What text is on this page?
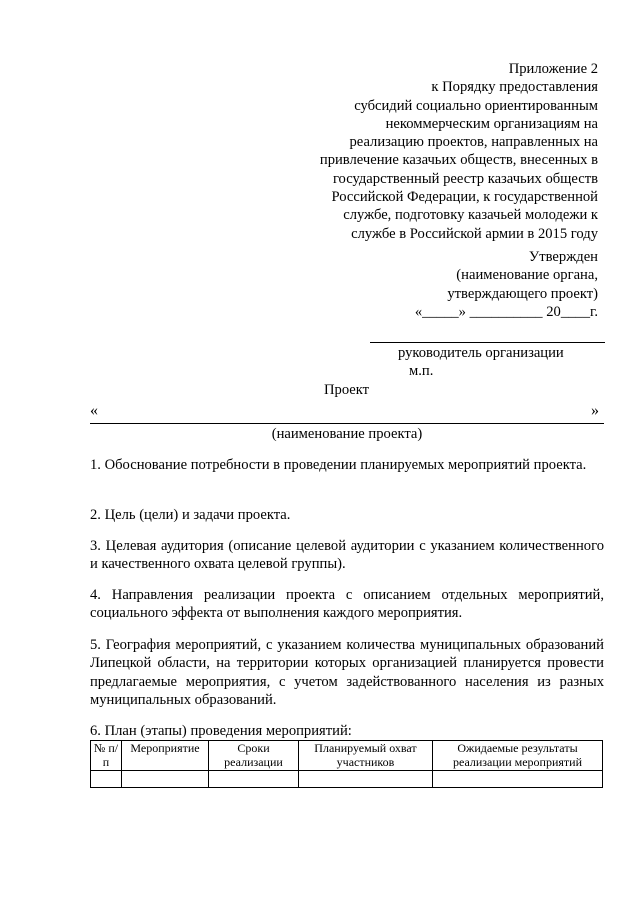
Приложение 2
к Порядку предоставления
субсидий социально ориентированным
некоммерческим организациям на
реализацию проектов, направленных на
привлечение казачьих обществ, внесенных в
государственный реестр казачьих обществ
Российской Федерации, к государственной
службе, подготовку казачьей молодежи к
службе в Российской армии в 2015 году
Утвержден
(наименование органа,
утверждающего проект)
«_____» __________ 20____г.
руководитель организации
м.п.
Проект
«	»
(наименование проекта)
1. Обоснование потребности в проведении планируемых мероприятий проекта.
2. Цель (цели) и задачи проекта.
3. Целевая аудитория (описание целевой аудитории с указанием количественного и качественного охвата целевой группы).
4. Направления реализации проекта с описанием отдельных мероприятий, социального эффекта от выполнения каждого мероприятия.
5. География мероприятий, с указанием количества муниципальных образований Липецкой области, на территории которых организацией планируется провести предлагаемые мероприятия, с учетом задействованного населения из разных муниципальных образований.
6. План (этапы) проведения мероприятий:
№ п/п	Мероприятие	Сроки реализации	Планируемый охват участников	Ожидаемые результаты реализации мероприятий
